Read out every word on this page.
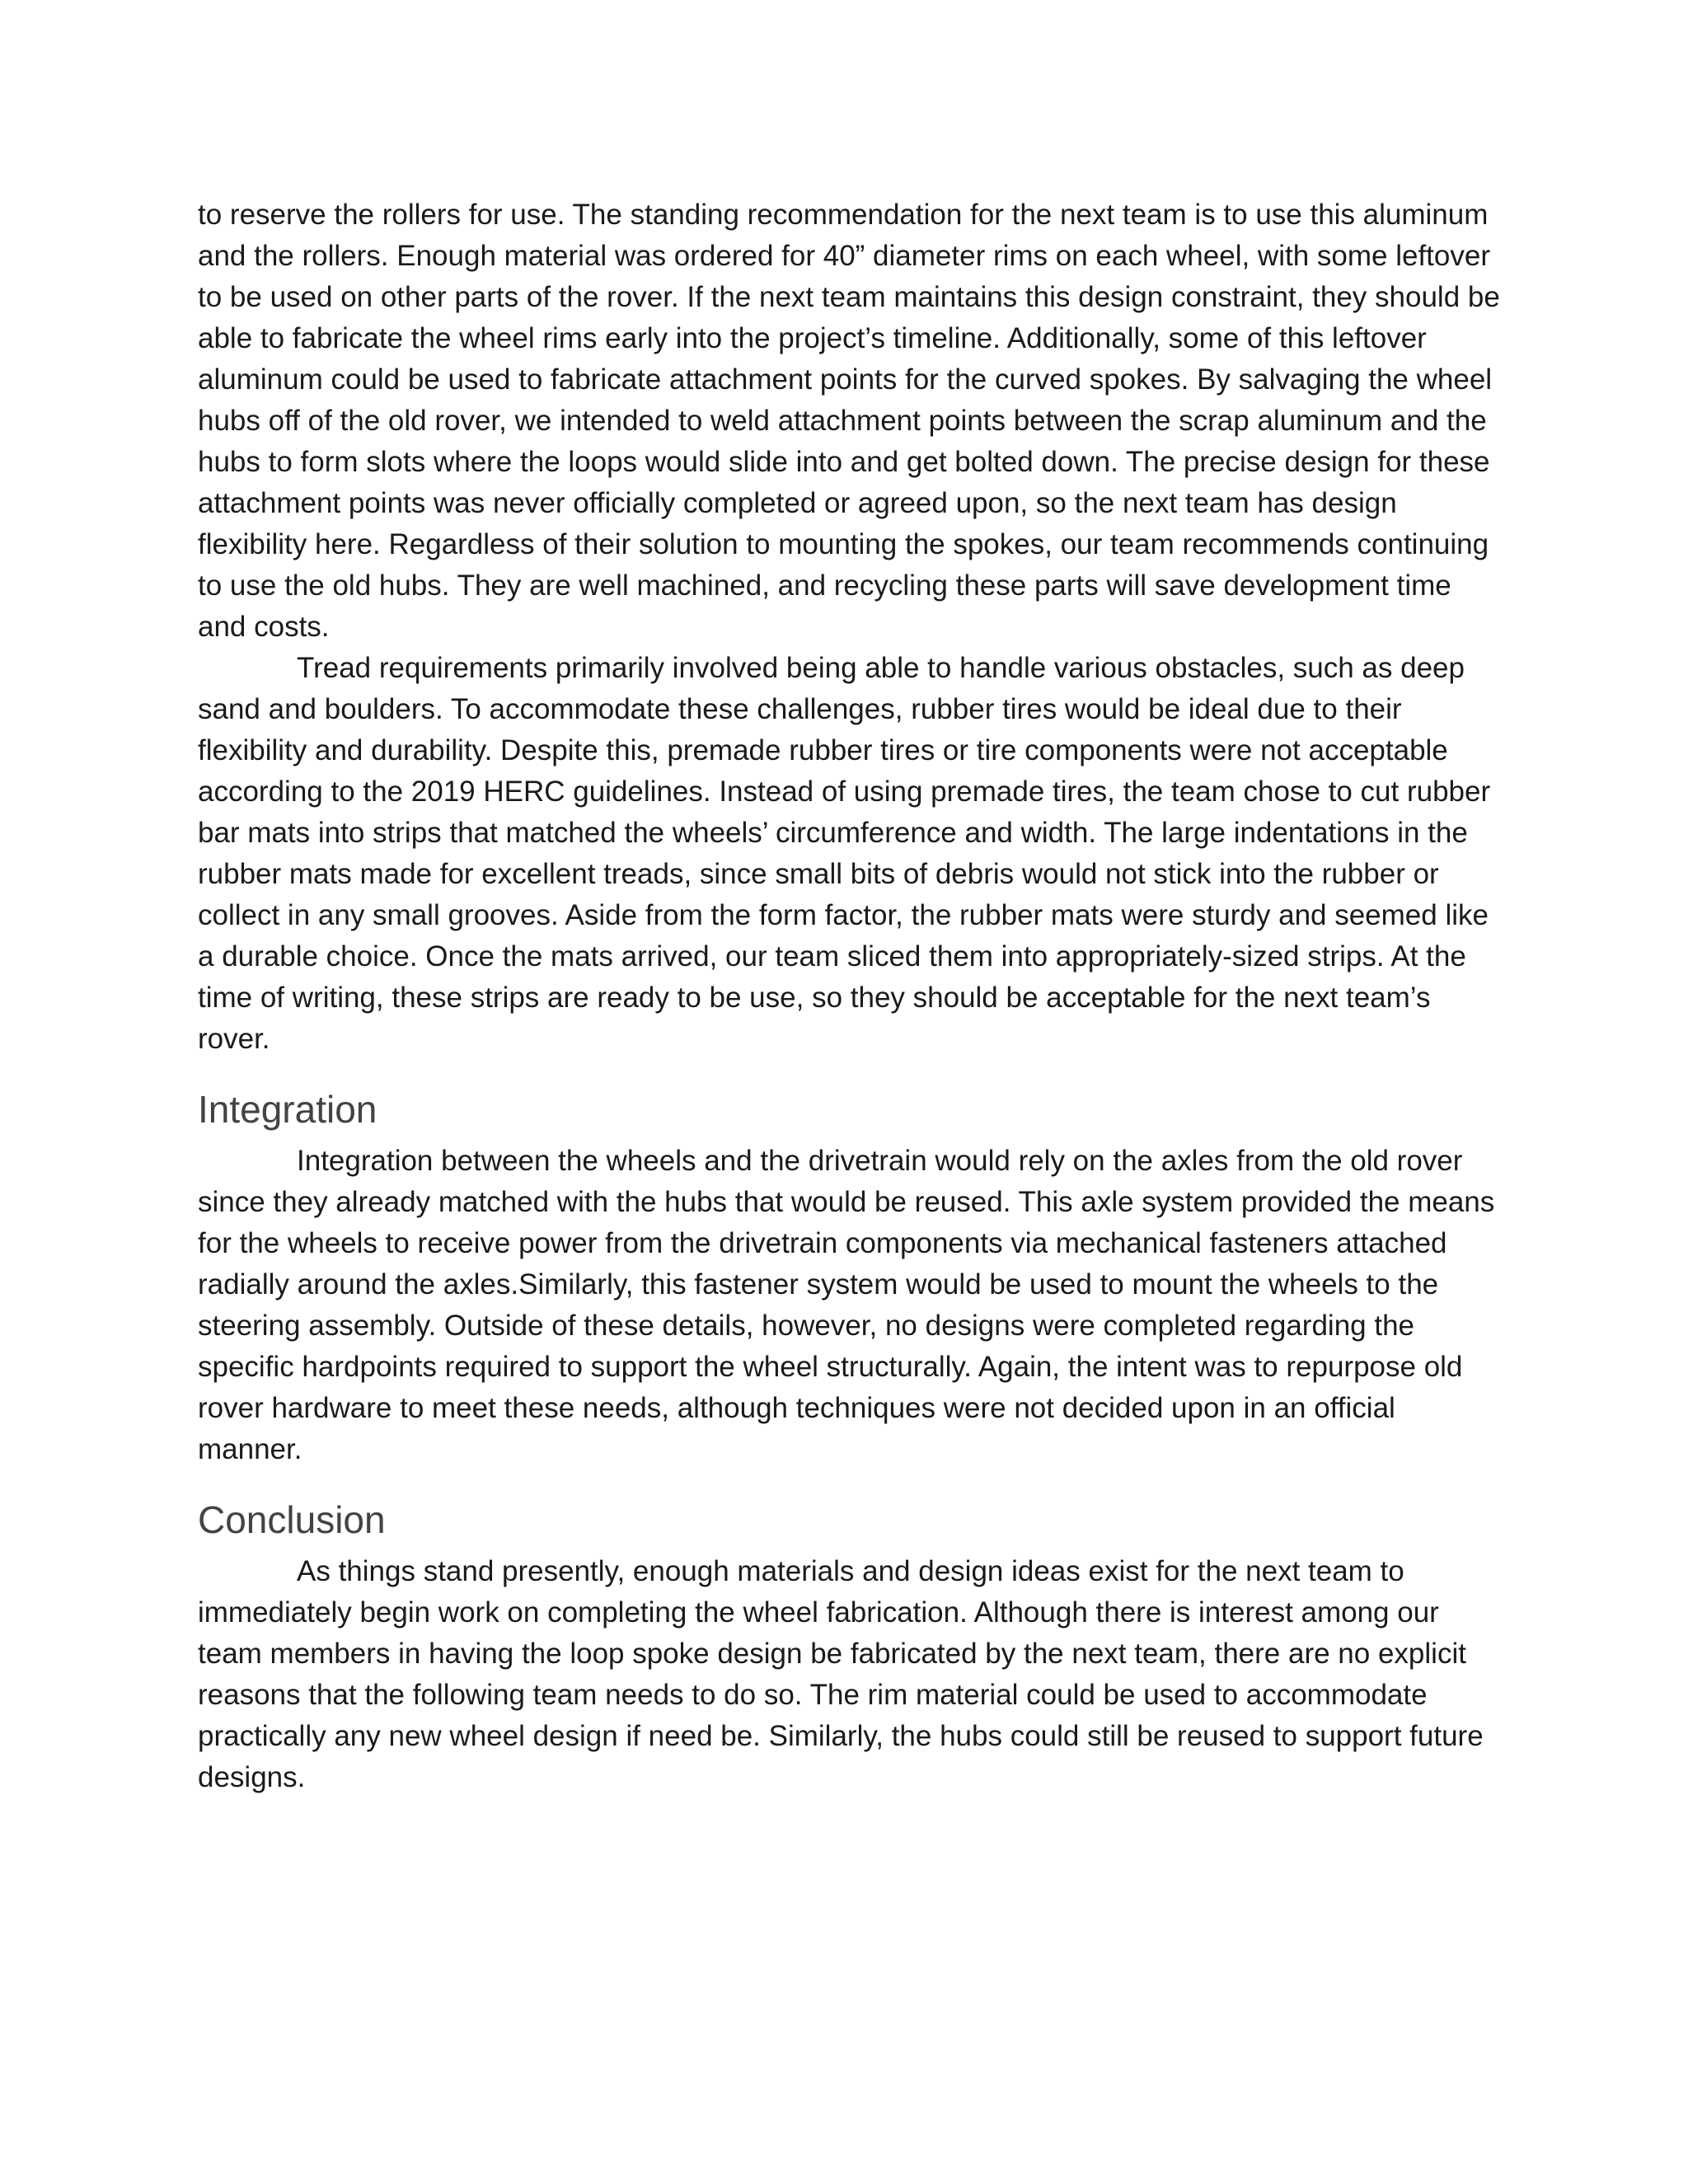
to reserve the rollers for use. The standing recommendation for the next team is to use this aluminum and the rollers. Enough material was ordered for 40” diameter rims on each wheel, with some leftover to be used on other parts of the rover. If the next team maintains this design constraint, they should be able to fabricate the wheel rims early into the project’s timeline. Additionally, some of this leftover aluminum could be used to fabricate attachment points for the curved spokes. By salvaging the wheel hubs off of the old rover, we intended to weld attachment points between the scrap aluminum and the hubs to form slots where the loops would slide into and get bolted down. The precise design for these attachment points was never officially completed or agreed upon, so the next team has design flexibility here. Regardless of their solution to mounting the spokes, our team recommends continuing to use the old hubs. They are well machined, and recycling these parts will save development time and costs.

Tread requirements primarily involved being able to handle various obstacles, such as deep sand and boulders. To accommodate these challenges, rubber tires would be ideal due to their flexibility and durability. Despite this, premade rubber tires or tire components were not acceptable according to the 2019 HERC guidelines. Instead of using premade tires, the team chose to cut rubber bar mats into strips that matched the wheels’ circumference and width. The large indentations in the rubber mats made for excellent treads, since small bits of debris would not stick into the rubber or collect in any small grooves. Aside from the form factor, the rubber mats were sturdy and seemed like a durable choice. Once the mats arrived, our team sliced them into appropriately-sized strips. At the time of writing, these strips are ready to be use, so they should be acceptable for the next team’s rover.

Integration

Integration between the wheels and the drivetrain would rely on the axles from the old rover since they already matched with the hubs that would be reused. This axle system provided the means for the wheels to receive power from the drivetrain components via mechanical fasteners attached radially around the axles.Similarly, this fastener system would be used to mount the wheels to the steering assembly. Outside of these details, however, no designs were completed regarding the specific hardpoints required to support the wheel structurally. Again, the intent was to repurpose old rover hardware to meet these needs, although techniques were not decided upon in an official manner.

Conclusion

As things stand presently, enough materials and design ideas exist for the next team to immediately begin work on completing the wheel fabrication. Although there is interest among our team members in having the loop spoke design be fabricated by the next team, there are no explicit reasons that the following team needs to do so. The rim material could be used to accommodate practically any new wheel design if need be. Similarly, the hubs could still be reused to support future designs.
